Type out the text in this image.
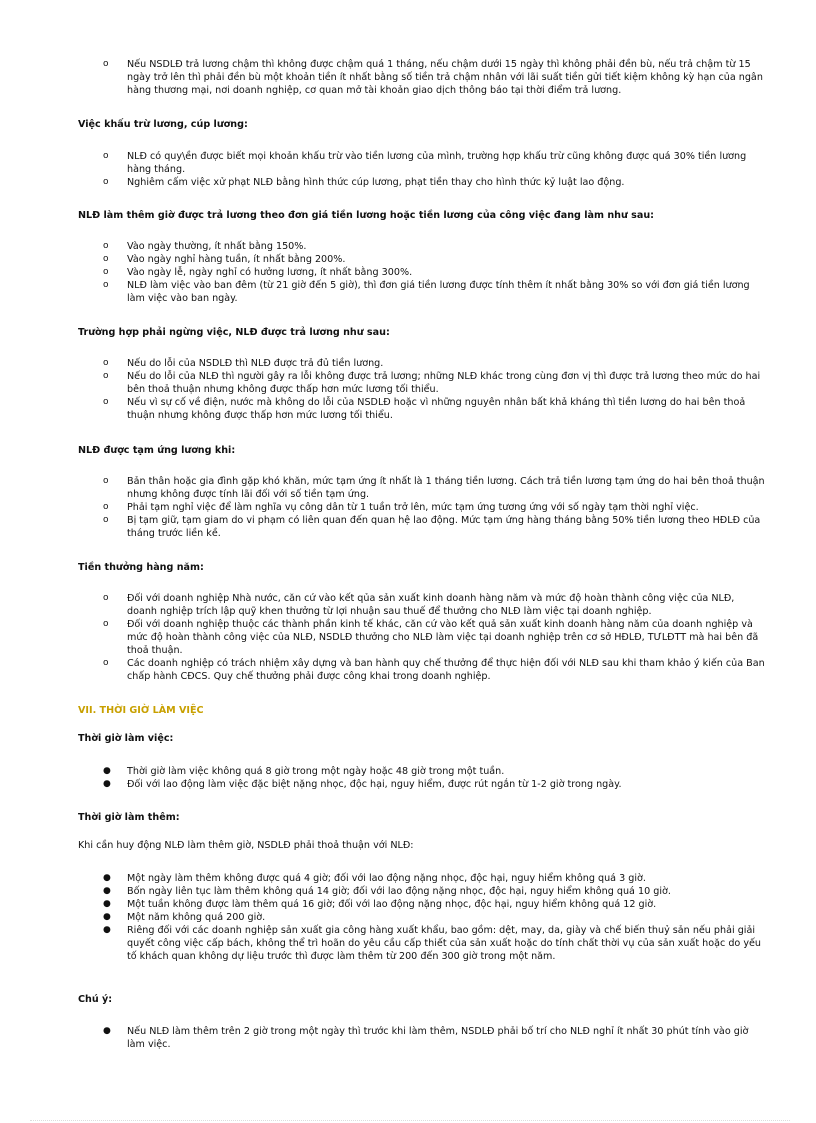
o	Nếu NSDLĐ trả lương chậm thì không được chậm quá 1 tháng, nếu chậm dưới 15 ngày thì không phải đền bù, nếu trả chậm từ 15 ngày trở lên thì phải đền bù một khoản tiền ít nhất bằng số tiền trả chậm nhân với lãi suất tiền gửi tiết kiệm không kỳ hạn của ngân hàng thương mại, nơi doanh nghiệp, cơ quan mở tài khoản giao dịch thông báo tại thời điểm trả lương.
Việc khấu trừ lương, cúp lương:
o	NLĐ có quy\ền được biết mọi khoản khấu trừ vào tiền lương của mình, trường hợp khấu trừ cũng không được quá 30% tiền lương hàng tháng.
o	Nghiêm cấm việc xử phạt NLĐ bằng hình thức cúp lương, phạt tiền thay cho hình thức kỷ luật lao động.
NLĐ làm thêm giờ được trả lương theo đơn giá tiền lương hoặc tiền lương của công việc đang làm như sau:
o	Vào ngày thường, ít nhất bằng 150%.
o	Vào ngày nghỉ hàng tuần, ít nhất bằng 200%.
o	Vào ngày lễ, ngày nghỉ có hưởng lương, ít nhất bằng 300%.
o	NLĐ làm việc vào ban đêm (từ 21 giờ đến 5 giờ), thì đơn giá tiền lương được tính thêm ít nhất bằng 30% so với đơn giá tiền lương làm việc vào ban ngày.
Trường hợp phải ngừng việc, NLĐ được trả lương như sau:
o	Nếu do lỗi của NSDLĐ thì NLĐ được trả đủ tiền lương.
o	Nếu do lỗi của NLĐ thì người gây ra lỗi không được trả lương; những NLĐ khác trong cùng đơn vị thì được trả lương theo mức do hai bên thoả thuận nhưng không được thấp hơn mức lương tối thiểu.
o	Nếu vì sự cố về điện, nước mà không do lỗi của NSDLĐ hoặc vì những nguyên nhân bất khả kháng thì tiền lương do hai bên thoả thuận nhưng không được thấp hơn mức lương tối thiểu.
NLĐ được tạm ứng lương khi:
o	Bản thân hoặc gia đình gặp khó khăn, mức tạm ứng ít nhất là 1 tháng tiền lương. Cách trả tiền lương tạm ứng do hai bên thoả thuận nhưng không được tính lãi đối với số tiền tạm ứng.
o	Phải tạm nghỉ việc để làm nghĩa vụ công dân từ 1 tuần trở lên, mức tạm ứng tương ứng với số ngày tạm thời nghỉ việc.
o	Bị tạm giữ, tạm giam do vi phạm có liên quan đến quan hệ lao động. Mức tạm ứng hàng tháng bằng 50% tiền lương theo HĐLĐ của tháng trước liền kề.
Tiền thưởng hàng năm:
o	Đối với doanh nghiệp Nhà nước, căn cứ vào kết qủa sản xuất kinh doanh hàng năm và mức độ hoàn thành công việc của NLĐ, doanh nghiệp trích lập quỹ khen thưởng từ lợi nhuận sau thuế để thưởng cho NLĐ làm việc tại doanh nghiệp.
o	Đối với doanh nghiệp thuộc các thành phần kinh tế khác, căn cứ vào kết quả sản xuất kinh doanh hàng năm của doanh nghiệp và mức độ hoàn thành công việc của NLĐ, NSDLĐ thưởng cho NLĐ làm việc tại doanh nghiệp trên cơ sở HĐLĐ, TƯLĐTT mà hai bên đã thoả thuận.
o	Các doanh nghiệp có trách nhiệm xây dựng và ban hành quy chế thưởng để thực hiện đối với NLĐ sau khi tham khảo ý kiến của Ban chấp hành CĐCS. Quy chế thưởng phải được công khai trong doanh nghiệp.
VII. THỜI GIỜ LÀM VIỆC
Thời giờ làm việc:
●	Thời giờ làm việc không quá 8 giờ trong một ngày hoặc 48 giờ trong một tuần.
●	Đối với lao động làm việc đặc biệt nặng nhọc, độc hại, nguy hiểm, được rút ngắn từ 1-2 giờ trong ngày.
Thời giờ làm thêm:
Khi cần huy động NLĐ làm thêm giờ, NSDLĐ phải thoả thuận với NLĐ:
●	Một ngày làm thêm không được quá 4 giờ; đối với lao động nặng nhọc, độc hại, nguy hiểm không quá 3 giờ.
●	Bốn ngày liên tục làm thêm không quá 14 giờ; đối với lao động nặng nhọc, độc hại, nguy hiểm không quá 10 giờ.
●	Một tuần không được làm thêm quá 16 giờ; đối với lao động nặng nhọc, độc hại, nguy hiểm không quá 12 giờ.
●	Một năm không quá 200 giờ.
●	Riêng đối với các doanh nghiệp sản xuất gia công hàng xuất khẩu, bao gồm: dệt, may, da, giày và chế biến thuỷ sản nếu phải giải quyết công việc cấp bách, không thể trì hoãn do yêu cầu cấp thiết của sản xuất hoặc do tính chất thời vụ của sản xuất hoặc do yếu tố khách quan không dự liệu trước thì được làm thêm từ 200 đến 300 giờ trong một năm.
Chú ý:
●	Nếu NLĐ làm thêm trên 2 giờ trong một ngày thì trước khi làm thêm, NSDLĐ phải bố trí cho NLĐ nghỉ ít nhất 30 phút tính vào giờ làm việc.
